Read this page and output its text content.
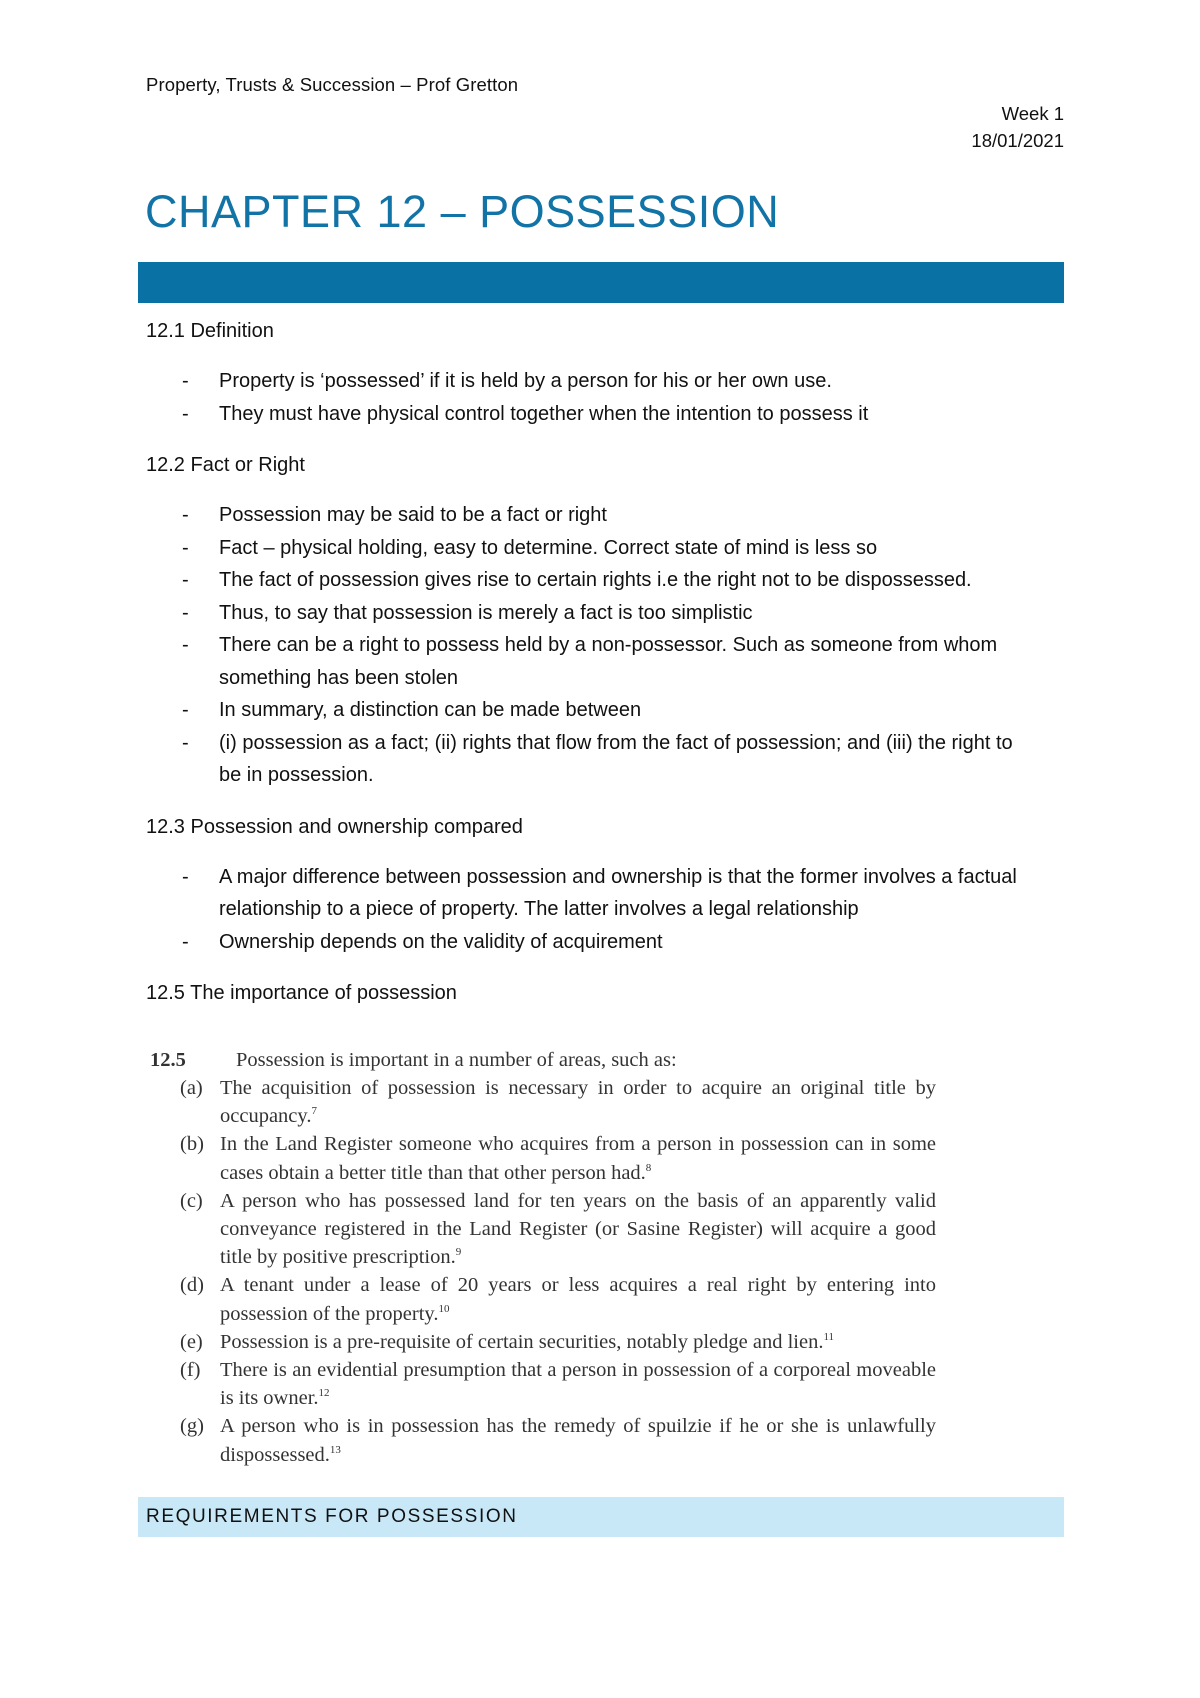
Property, Trusts & Succession – Prof Gretton
Week 1
18/01/2021
CHAPTER 12 – POSSESSION

12.1 Definition

- Property is ‘possessed’ if it is held by a person for his or her own use.
- They must have physical control together when the intention to possess it

12.2 Fact or Right

- Possession may be said to be a fact or right
- Fact – physical holding, easy to determine. Correct state of mind is less so
- The fact of possession gives rise to certain rights i.e the right not to be dispossessed.
- Thus, to say that possession is merely a fact is too simplistic
- There can be a right to possess held by a non-possessor. Such as someone from whom something has been stolen
- In summary, a distinction can be made between
- (i) possession as a fact; (ii) rights that flow from the fact of possession; and (iii) the right to be in possession.

12.3 Possession and ownership compared

- A major difference between possession and ownership is that the former involves a factual relationship to a piece of property. The latter involves a legal relationship
- Ownership depends on the validity of acquirement

12.5 The importance of possession

12.5	Possession is important in a number of areas, such as:
(a) The acquisition of possession is necessary in order to acquire an original title by occupancy.$^7$
(b) In the Land Register someone who acquires from a person in possession can in some cases obtain a better title than that other person had.$^8$
(c) A person who has possessed land for ten years on the basis of an apparently valid conveyance registered in the Land Register (or Sasine Register) will acquire a good title by positive prescription.$^9$
(d) A tenant under a lease of 20 years or less acquires a real right by entering into possession of the property.$^{10}$
(e) Possession is a pre-requisite of certain securities, notably pledge and lien.$^{11}$
(f) There is an evidential presumption that a person in possession of a corporeal moveable is its owner.$^{12}$
(g) A person who is in possession has the remedy of spuilzie if he or she is unlawfully dispossessed.$^{13}$
REQUIREMENTS FOR POSSESSION
